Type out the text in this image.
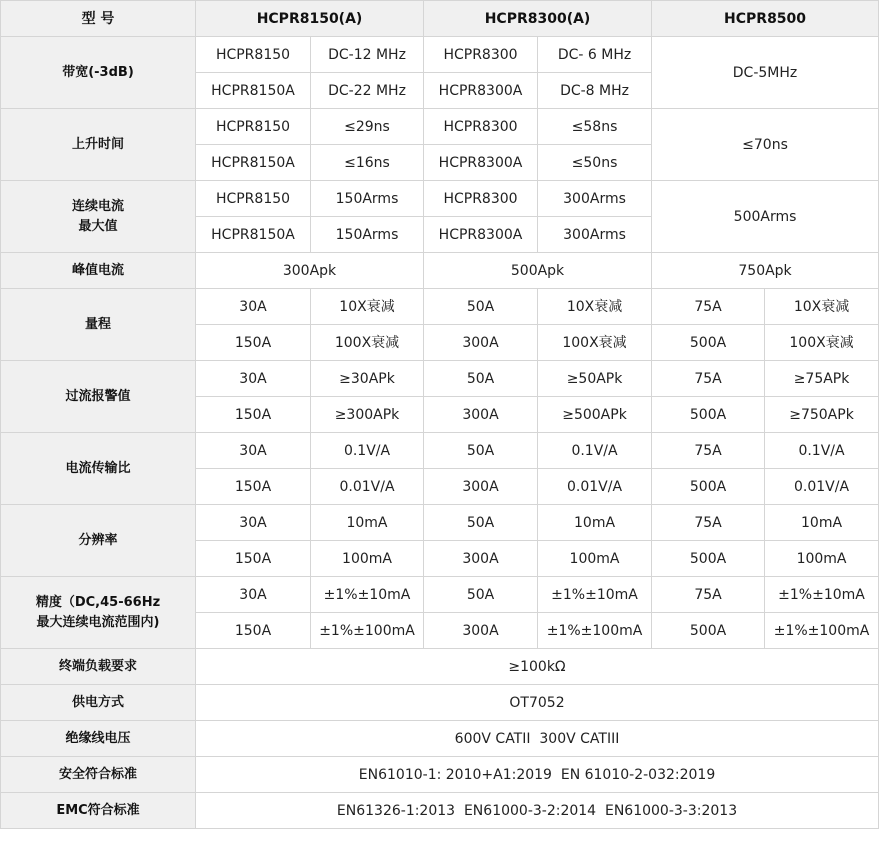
型 号	HCPR8150(A)		HCPR8300(A)		HCPR8500	
带宽(-3dB)	HCPR8150	DC-12 MHz	HCPR8300	DC- 6 MHz	DC-5MHz	
	HCPR8150A	DC-22 MHz	HCPR8300A	DC-8 MHz		
上升时间	HCPR8150	≤29ns	HCPR8300	≤58ns	≤70ns	
	HCPR8150A	≤16ns	HCPR8300A	≤50ns		

连续电流
最大值	HCPR8150	150Arms	HCPR8300	300Arms	500Arms	
	HCPR8150A	150Arms	HCPR8300A	300Arms		
峰值电流	300Apk		500Apk		750Apk	
量程	30A	10X衰减	50A	10X衰减	75A	10X衰减
	150A	100X衰减	300A	100X衰减	500A	100X衰减
过流报警值	30A	≥30APk	50A	≥50APk	75A	≥75APk
	150A	≥300APk	300A	≥500APk	500A	≥750APk
电流传输比	30A	0.1V/A	50A	0.1V/A	75A	0.1V/A
	150A	0.01V/A	300A	0.01V/A	500A	0.01V/A
分辨率	30A	10mA	50A	10mA	75A	10mA
	150A	100mA	300A	100mA	500A	100mA

精度（DC,45-66Hz
最大连续电流范围内)	30A	±1%±10mA	50A	±1%±10mA	75A	±1%±10mA
	150A	±1%±100mA	300A	±1%±100mA	500A	±1%±100mA
终端负载要求	≥100kΩ					
供电方式	OT7052					
绝缘线电压	600V CATII  300V CATIII					
安全符合标准	EN61010-1: 2010+A1:2019  EN 61010-2-032:2019					
EMC符合标准	EN61326-1:2013  EN61000-3-2:2014  EN61000-3-3:2013					
